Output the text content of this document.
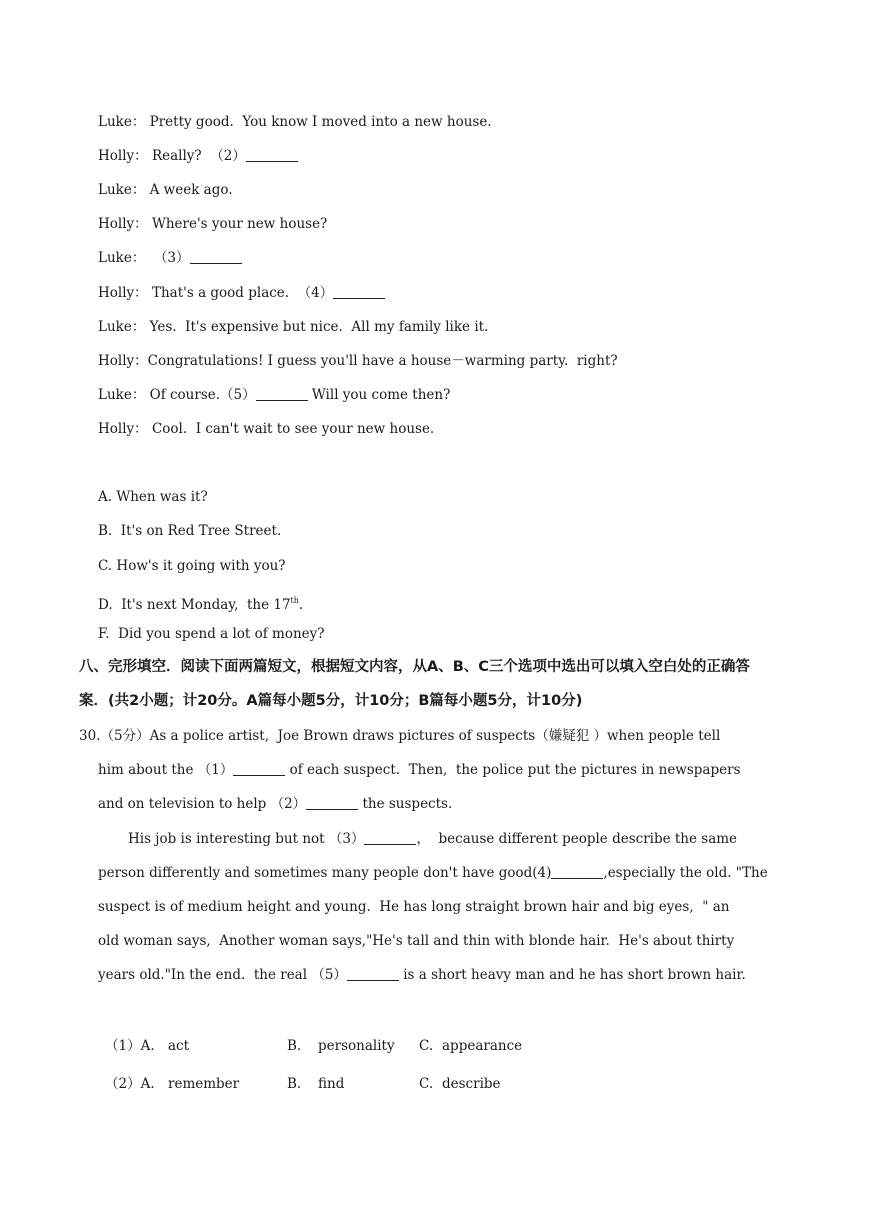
Luke： Pretty good.  You know I moved into a new house.
Holly： Really?  （2）
Luke： A week ago.
Holly： Where's your new house?
Luke：  （3）
Holly： That's a good place.  （4）
Luke： Yes.  It's expensive but nice.  All my family like it.
Holly：Congratulations! I guess you'll have a house－warming party.  right?
Luke： Of course.（5）	Will you come then?
Holly： Cool.  I can't wait to see your new house.
A. When was it?
B.  It's on Red Tree Street.
C. How's it going with you?
D.  It's next Monday,  the 17th.
F.  Did you spend a lot of money?
八、完形填空．阅读下面两篇短文，根据短文内容，从A、B、C三个选项中选出可以填入空白处的正确答
案．(共2小题；计20分。A篇每小题5分，计10分；B篇每小题5分，计10分)
30.（5分）As a police artist,  Joe Brown draws pictures of suspects（嫌疑犯 ）when people tell
him about the （1）	of each suspect.  Then,  the police put the pictures in newspapers
and on television to help （2）	the suspects.
His job is interesting but not （3）	，  because different people describe the same
person differently and sometimes many people don't have good(4)	,especially the old. "The
suspect is of medium height and young.  He has long straight brown hair and big eyes,  " an
old woman says,  Another woman says,"He's tall and thin with blonde hair.  He's about thirty
years old."In the end.  the real （5）	is a short heavy man and he has short brown hair.
（1）A. act	B. personality C. appearance
（2）A. remember	B. find	C. describe
